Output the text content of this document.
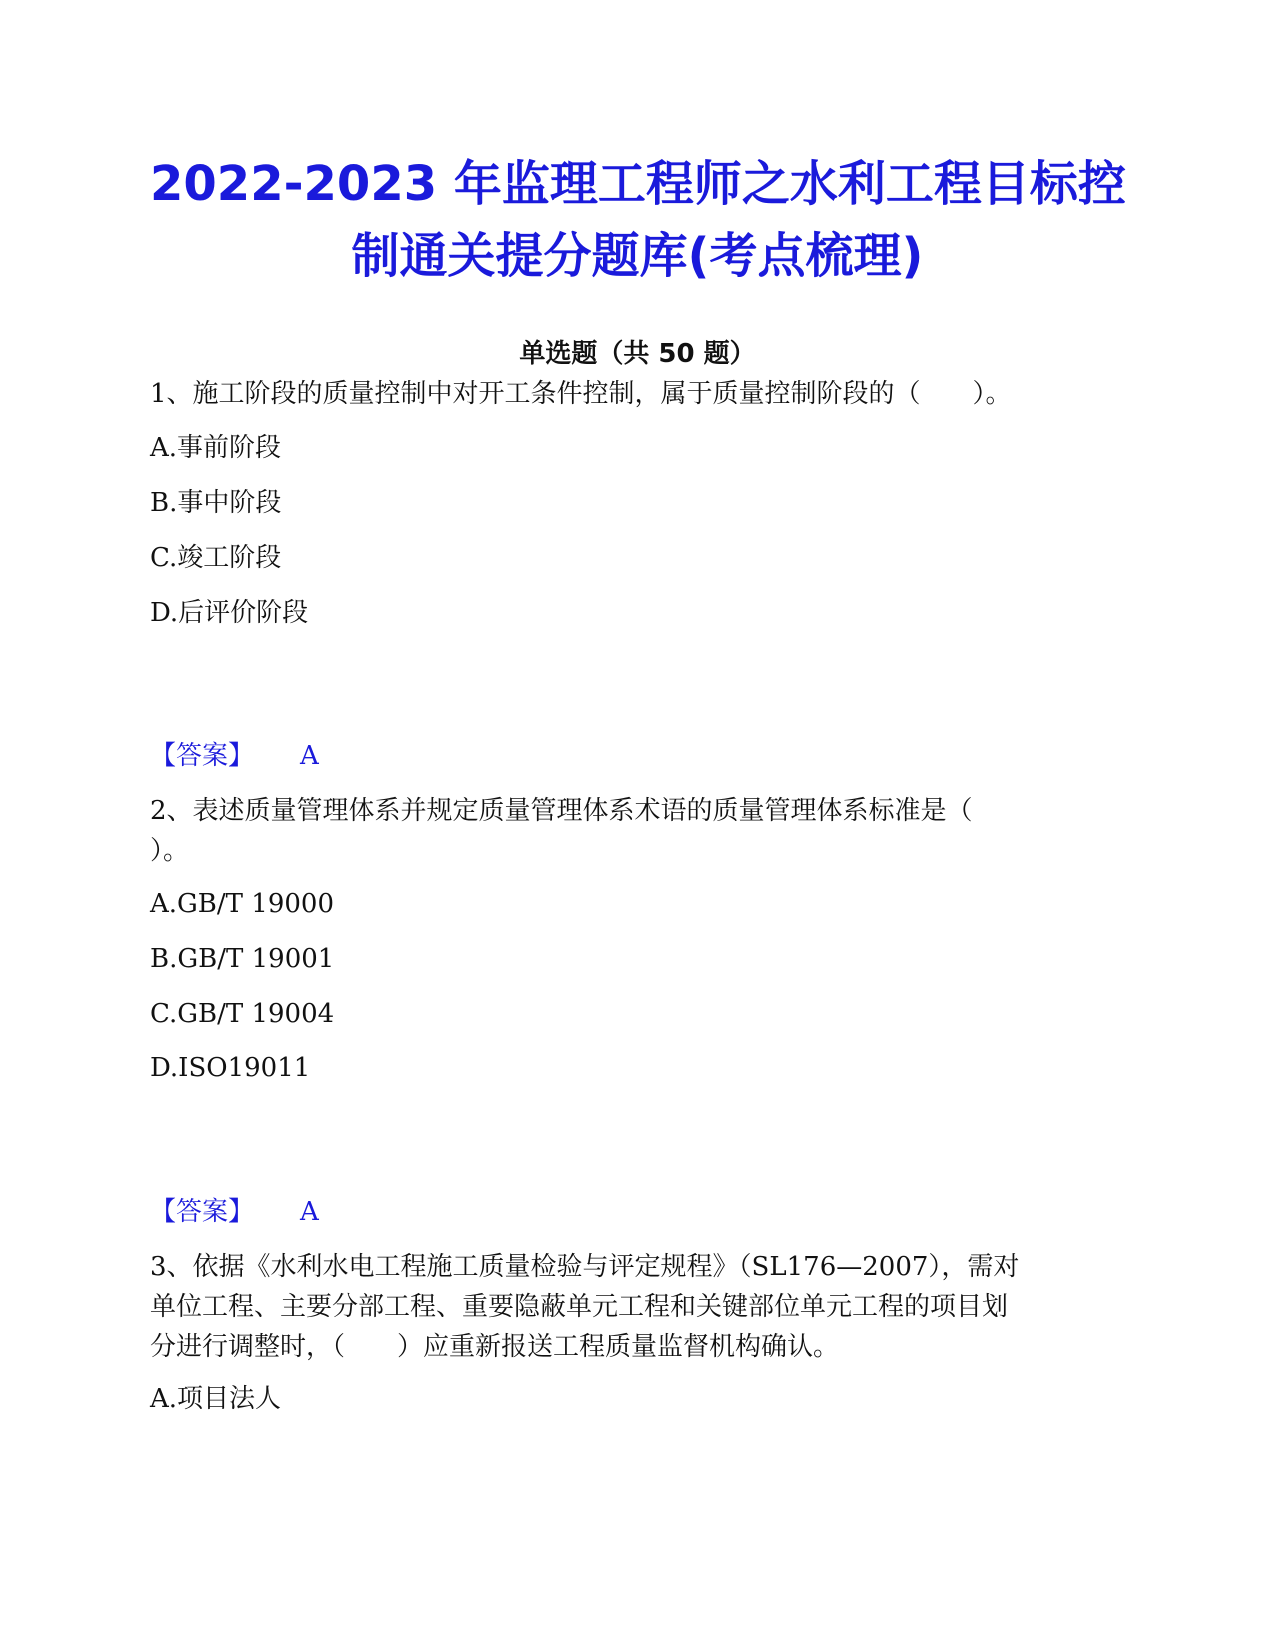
2022-2023 年监理工程师之水利工程目标控
制通关提分题库(考点梳理)
单选题（共 50 题）
1、施工阶段的质量控制中对开工条件控制，属于质量控制阶段的（　　）。
A.事前阶段
B.事中阶段
C.竣工阶段
D.后评价阶段
【答案】 A
2、表述质量管理体系并规定质量管理体系术语的质量管理体系标准是（
）。
A.GB/T 19000
B.GB/T 19001
C.GB/T 19004
D.ISO19011
【答案】 A
3、依据《水利水电工程施工质量检验与评定规程》（SL176—2007），需对
单位工程、主要分部工程、重要隐蔽单元工程和关键部位单元工程的项目划
分进行调整时，（　　）应重新报送工程质量监督机构确认。
A.项目法人
